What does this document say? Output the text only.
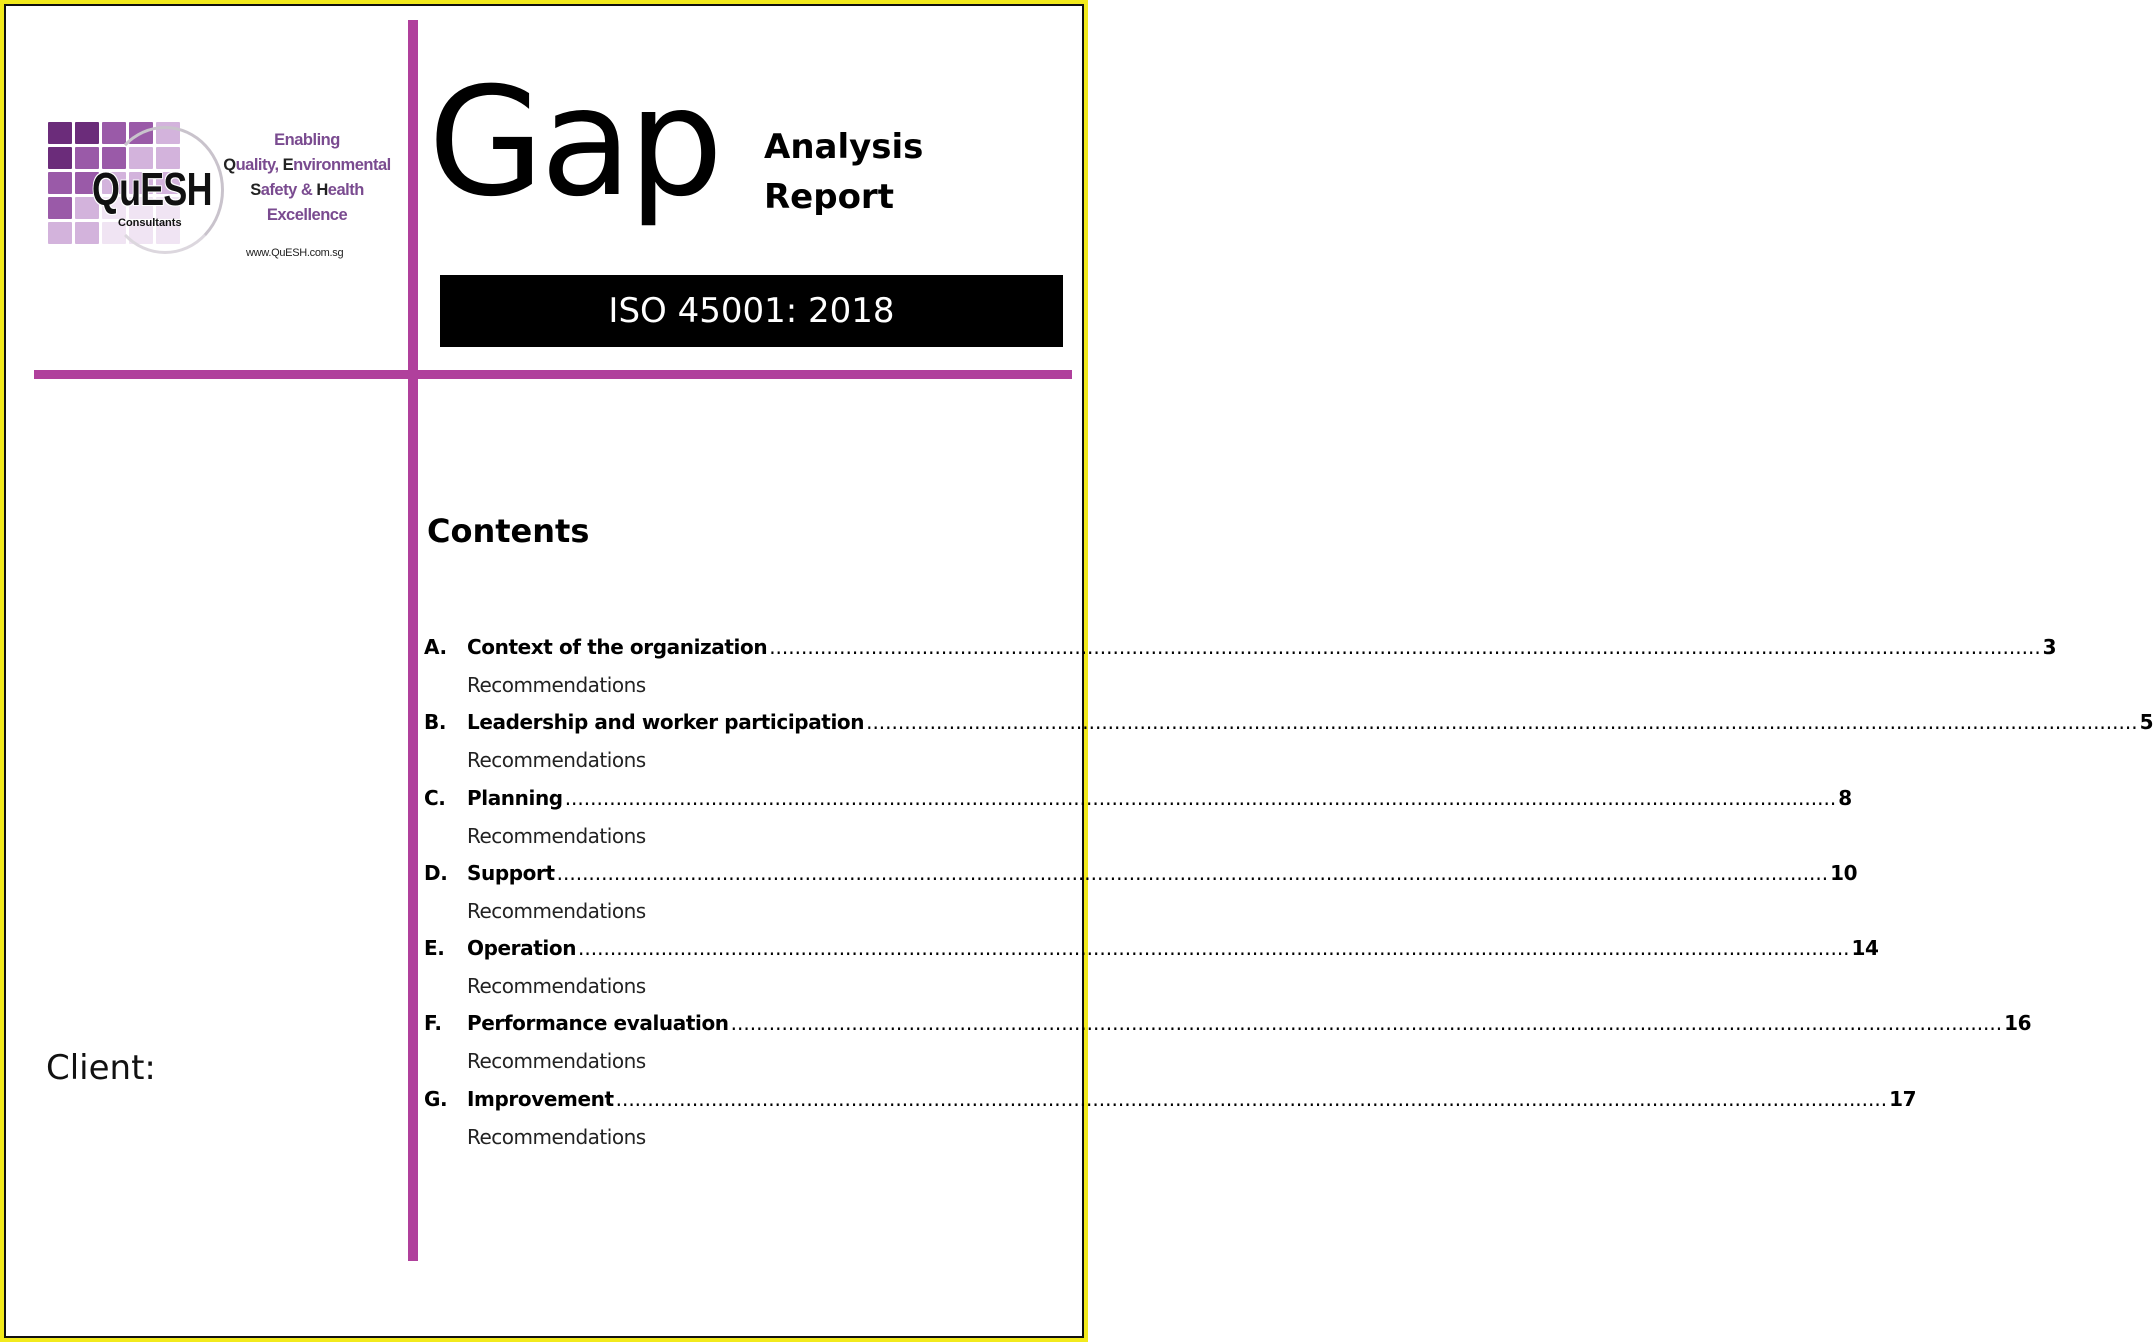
QuESH
Consultants
Enabling
Quality, Environmental
Safety & Health
Excellence
www.QuESH.com.sg
Gap Analysis
Report
ISO 45001: 2018
Contents
A.	Context of the organization ........................................................................................................................................................................................................ 3
Recommendations
B.	Leadership and worker participation ........................................................................................................................................................................................................ 5
Recommendations
C.	Planning ........................................................................................................................................................................................................ 8
Recommendations
D. Support ........................................................................................................................................................................................................ 10
Recommendations
E.	Operation ........................................................................................................................................................................................................ 14
Recommendations
F.	Performance evaluation ........................................................................................................................................................................................................ 16
Recommendations
G. Improvement ........................................................................................................................................................................................................ 17
Recommendations
Client:
